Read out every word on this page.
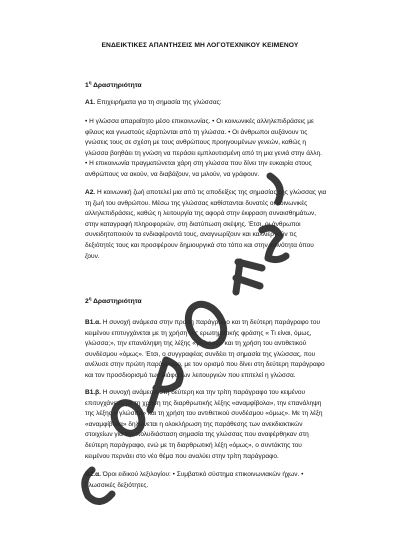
ΕΝΔΕΙΚΤΙΚΕΣ ΑΠΑΝΤΗΣΕΙΣ ΜΗ ΛΟΓΟΤΕΧΝΙΚΟΥ ΚΕΙΜΕΝΟΥ
$1^\eta$ Δραστηριότητα
Α1. Επιχειρήματα για τη σημασία της γλώσσας:
• Η γλώσσα απαραίτητο μέσο επικοινωνίας. • Οι κοινωνικές αλληλεπιδράσεις με
φίλους και γνωστούς εξαρτώνται από τη γλώσσα. • Οι άνθρωποι αυξάνουν τις
γνώσεις τους σε σχέση με τους ανθρώπους προηγουμένων γενεών, καθώς η
γλώσσα βοηθάει τη γνώση να περάσει εμπλουτισμένη από τη μια γενιά στην άλλη.
• Η επικοινωνία πραγματώνεται χάρη στη γλώσσα που δίνει την ευκαιρία στους
ανθρώπους να ακούν, να διαβάζουν, να μιλούν, να γράφουν.
Α2. Η κοινωνική ζωή αποτελεί μια από τις αποδείξεις της σημασίας της γλώσσας για
τη ζωή του ανθρώπου. Μέσω της γλώσσας καθίστανται δυνατές οι κοινωνικές
αλληλεπιδράσεις, καθώς η λειτουργία της αφορά στην έκφραση συναισθημάτων,
στην καταγραφή πληροφοριών, στη διατύπωση σκέψης. Έτσι, οι άνθρωποι
συνειδητοποιούν τα ενδιαφέροντά τους, αναγνωρίζουν και καλλιεργούν τις
δεξιότητές τους και προσφέρουν δημιουργικά στο τόπο και στην κοινότητα όπου
ζουν.
$2^\eta$ Δραστηριότητα
Β1.α. Η συνοχή ανάμεσα στην πρώτη παράγραφο και τη δεύτερη παράγραφο του
κειμένου επιτυγχάνεται με τη χρήση της ερωτηματικής φράσης « Τι είναι, όμως,
γλώσσα;», την επανάληψη της λέξης «γλώσσα» και τη χρήση του αντιθετικού
συνδέσμου «όμως». Έτσι, ο συγγραφέας συνδέει τη σημασία της γλώσσας, που
ανέλυσε στην πρώτη παράγραφο, με τον ορισμό που δίνει στη δεύτερη παράγραφο
και τον προσδιορισμό των διάφορων λειτουργιών που επιτελεί η γλώσσα.
Β1.β. Η συνοχή ανάμεσα στη δεύτερη και την τρίτη παράγραφο του κειμένου
επιτυγχάνεται με τη χρήση της διαρθρωτικής λέξης «αναμφίβολα», την επανάληψη
της λέξης « γλώσσα» και τη χρήση του αντιθετικού συνδέσμου «όμως». Με τη λέξη
«αναμφίβολα» δηλώνεται η ολοκλήρωση της παράθεσης των ανεκδιακτικών
στοιχείων για την πολυδιάσταση σημασία της γλώσσας που αναφέρθηκαν στη
δεύτερη παράγραφο, ενώ με τη διαρθρωτική λέξη «όμως», ο συντάκτης του
κειμένου περνάει στο νέο θέμα που αναλύει στην τρίτη παράγραφο.
Β2.α. Όροι ειδικού λεξιλογίου: • Συμβατικό σύστημα επικοινωνιακών ήχων. •
Γλωσσικές δεξιότητες.
